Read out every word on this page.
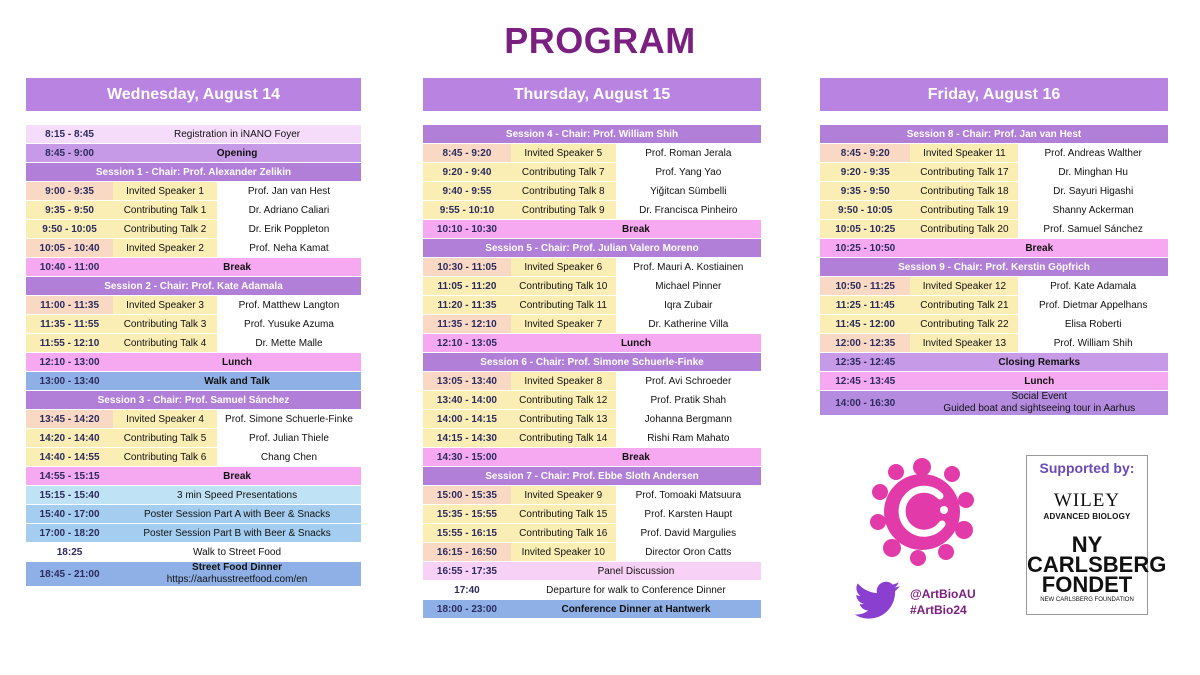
PROGRAM
Wednesday, August 14
8:15 - 8:45	Registration in iNANO Foyer	
8:45 - 9:00	Opening	
Session 1 - Chair: Prof. Alexander Zelikin		
9:00 - 9:35	Invited Speaker 1	Prof. Jan van Hest
9:35 - 9:50	Contributing Talk 1	Dr. Adriano Caliari
9:50 - 10:05	Contributing Talk 2	Dr. Erik Poppleton
10:05 - 10:40	Invited Speaker 2	Prof. Neha Kamat
10:40 - 11:00	Break	
Session 2 - Chair: Prof. Kate Adamala		
11:00 - 11:35	Invited Speaker 3	Prof. Matthew Langton
11:35 - 11:55	Contributing Talk 3	Prof. Yusuke Azuma
11:55 - 12:10	Contributing Talk 4	Dr. Mette Malle
12:10 - 13:00	Lunch	
13:00 - 13:40	Walk and Talk	
Session 3 - Chair: Prof. Samuel Sánchez		
13:45 - 14:20	Invited Speaker 4	Prof. Simone Schuerle-Finke
14:20 - 14:40	Contributing Talk 5	Prof. Julian Thiele
14:40 - 14:55	Contributing Talk 6	Chang Chen
14:55 - 15:15	Break	
15:15 - 15:40	3 min Speed Presentations	
15:40 - 17:00	Poster Session Part A with Beer & Snacks	
17:00 - 18:20	Poster Session Part B with Beer & Snacks	
18:25	Walk to Street Food	
18:45 - 21:00	Street Food Dinner
https://aarhusstreetfood.com/en	
Thursday, August 15
Session 4 - Chair: Prof. William Shih		
8:45 - 9:20	Invited Speaker 5	Prof. Roman Jerala
9:20 - 9:40	Contributing Talk 7	Prof. Yang Yao
9:40 - 9:55	Contributing Talk 8	Yiğitcan Sümbelli
9:55 - 10:10	Contributing Talk 9	Dr. Francisca Pinheiro
10:10 - 10:30	Break	
Session 5 - Chair: Prof. Julian Valero Moreno		
10:30 - 11:05	Invited Speaker 6	Prof. Mauri A. Kostiainen
11:05 - 11:20	Contributing Talk 10	Michael Pinner
11:20 - 11:35	Contributing Talk 11	Iqra Zubair
11:35 - 12:10	Invited Speaker 7	Dr. Katherine Villa
12:10 - 13:05	Lunch	
Session 6 - Chair: Prof. Simone Schuerle-Finke		
13:05 - 13:40	Invited Speaker 8	Prof. Avi Schroeder
13:40 - 14:00	Contributing Talk 12	Prof. Pratik Shah
14:00 - 14:15	Contributing Talk 13	Johanna Bergmann
14:15 - 14:30	Contributing Talk 14	Rishi Ram Mahato
14:30 - 15:00	Break	
Session 7 - Chair: Prof. Ebbe Sloth Andersen		
15:00 - 15:35	Invited Speaker 9	Prof. Tomoaki Matsuura
15:35 - 15:55	Contributing Talk 15	Prof. Karsten Haupt
15:55 - 16:15	Contributing Talk 16	Prof. David Margulies
16:15 - 16:50	Invited Speaker 10	Director Oron Catts
16:55 - 17:35	Panel Discussion	
17:40	Departure for walk to Conference Dinner	
18:00 - 23:00	Conference Dinner at Hantwerk	
Friday, August 16
Session 8 - Chair: Prof. Jan van Hest		
8:45 - 9:20	Invited Speaker 11	Prof. Andreas Walther
9:20 - 9:35	Contributing Talk 17	Dr. Minghan Hu
9:35 - 9:50	Contributing Talk 18	Dr. Sayuri Higashi
9:50 - 10:05	Contributing Talk 19	Shanny Ackerman
10:05 - 10:25	Contributing Talk 20	Prof. Samuel Sánchez
10:25 - 10:50	Break	
Session 9 - Chair: Prof. Kerstin Göpfrich		
10:50 - 11:25	Invited Speaker 12	Prof. Kate Adamala
11:25 - 11:45	Contributing Talk 21	Prof. Dietmar Appelhans
11:45 - 12:00	Contributing Talk 22	Elisa Roberti
12:00 - 12:35	Invited Speaker 13	Prof. William Shih
12:35 - 12:45	Closing Remarks	
12:45 - 13:45	Lunch	
14:00 - 16:30	Social Event
Guided boat and sightseeing tour in Aarhus	
@ArtBioAU
#ArtBio24
Supported by:
WILEY
ADVANCED BIOLOGY
NY
CARLSBERG
FONDET
NEW CARLSBERG FOUNDATION
